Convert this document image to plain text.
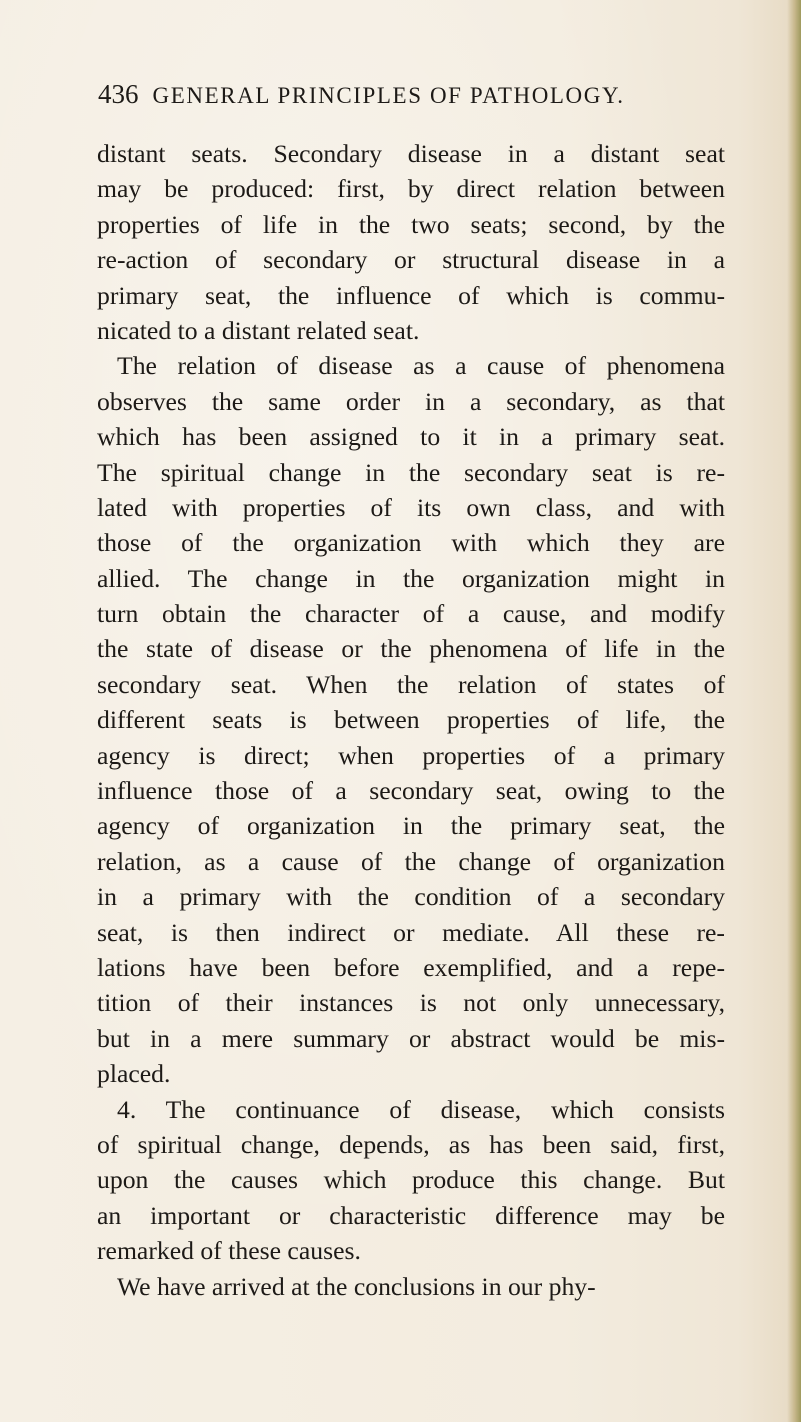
436 GENERAL PRINCIPLES OF PATHOLOGY.
distant seats. Secondary disease in a distant seat
may be produced: first, by direct relation between
properties of life in the two seats; second, by the
re-action of secondary or structural disease in a
primary seat, the influence of which is commu-
nicated to a distant related seat.
The relation of disease as a cause of phenomena
observes the same order in a secondary, as that
which has been assigned to it in a primary seat.
The spiritual change in the secondary seat is re-
lated with properties of its own class, and with
those of the organization with which they are
allied. The change in the organization might in
turn obtain the character of a cause, and modify
the state of disease or the phenomena of life in the
secondary seat. When the relation of states of
different seats is between properties of life, the
agency is direct; when properties of a primary
influence those of a secondary seat, owing to the
agency of organization in the primary seat, the
relation, as a cause of the change of organization
in a primary with the condition of a secondary
seat, is then indirect or mediate. All these re-
lations have been before exemplified, and a repe-
tition of their instances is not only unnecessary,
but in a mere summary or abstract would be mis-
placed.
4. The continuance of disease, which consists
of spiritual change, depends, as has been said, first,
upon the causes which produce this change. But
an important or characteristic difference may be
remarked of these causes.
We have arrived at the conclusions in our phy-
